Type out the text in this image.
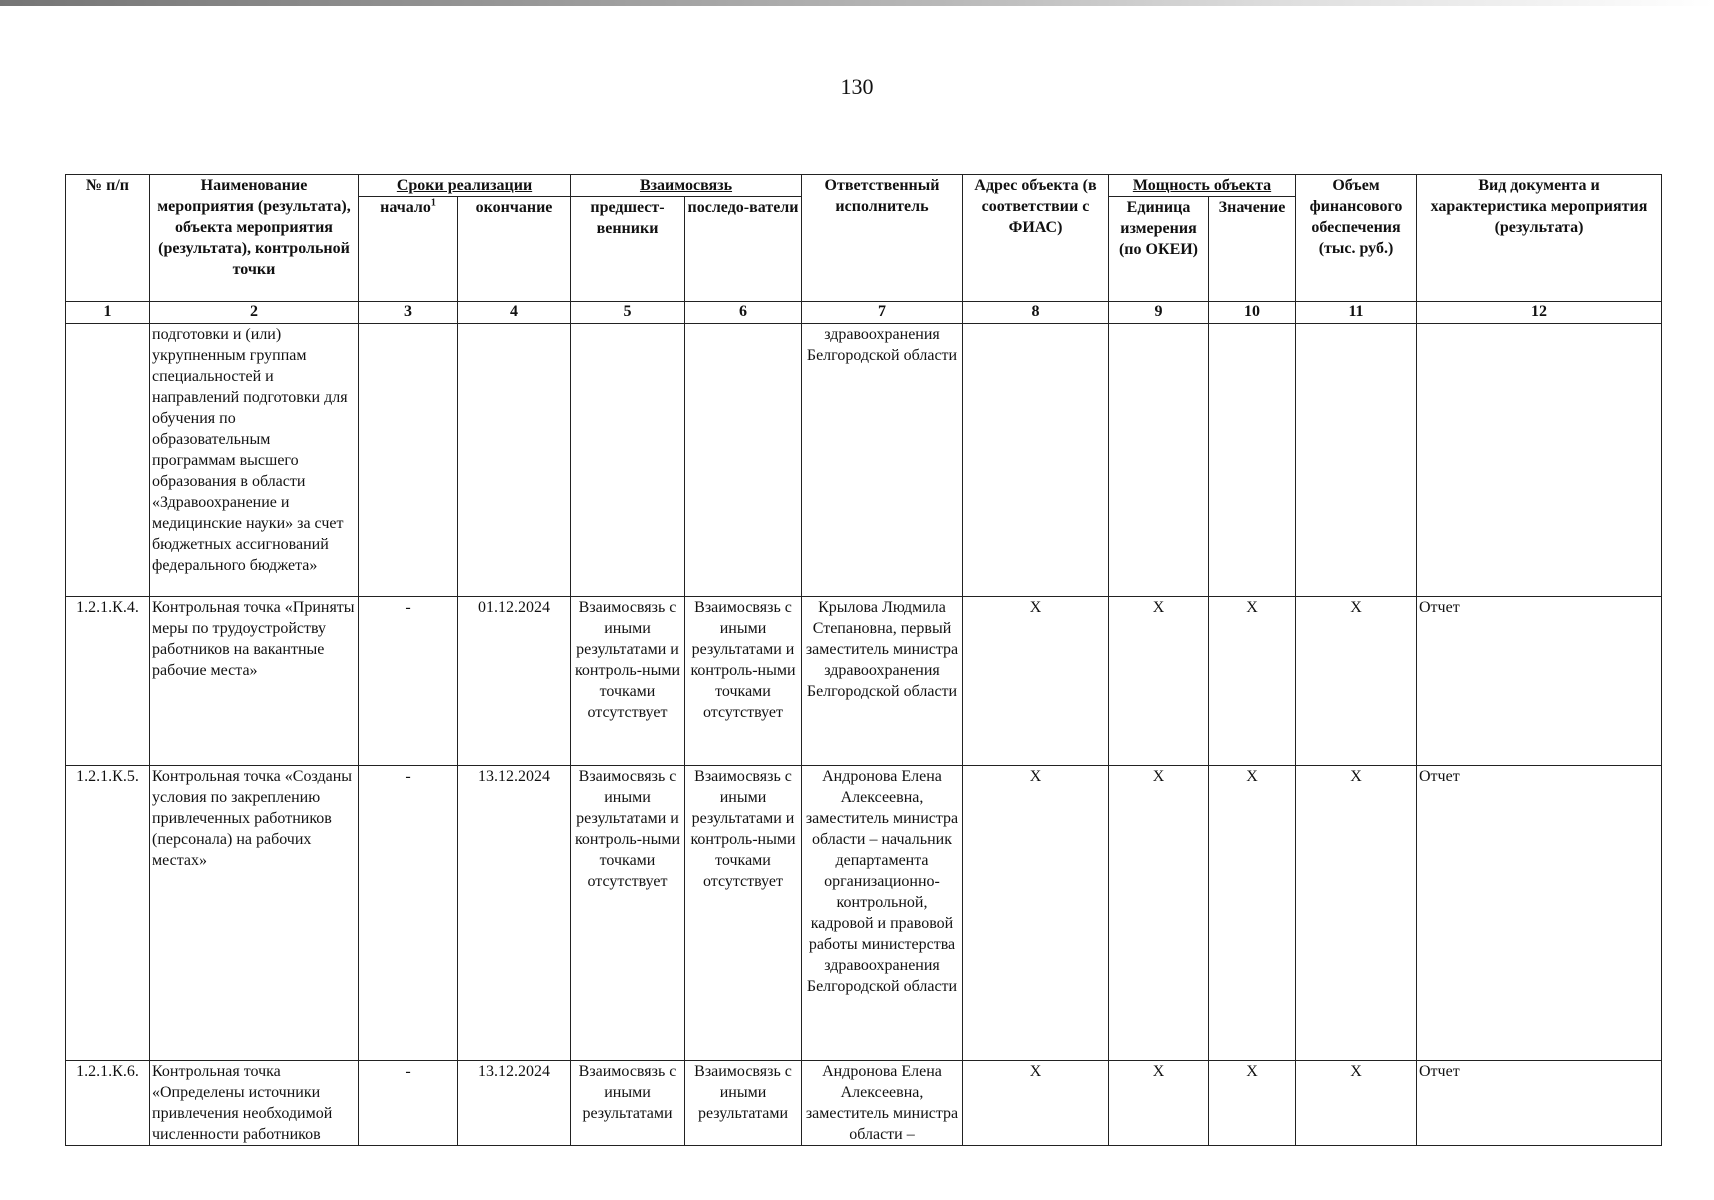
130
№ п/п	Наименование мероприятия (результата), объекта мероприятия (результата), контрольной точки	Сроки реализации		Взаимосвязь		Ответственный исполнитель	Адрес объекта (в соответствии с ФИАС)	Мощность объекта		Объем финансового обеспечения (тыс. руб.)	Вид документа и характеристика мероприятия (результата)
		начало$^1$	окончание	предшест-венники	последо-ватели			Единица измерения (по ОКЕИ)	Значение		
1	2	3	4	5	6	7	8	9	10	11	12
	подготовки и (или) укрупненным группам специальностей и направлений подготовки для обучения по образовательным программам высшего образования в области «Здравоохранение и медицинские науки» за счет бюджетных ассигнований федерального бюджета»					здравоохранения Белгородской области					
1.2.1.К.4.	Контрольная точка «Приняты меры по трудоустройству работников на вакантные рабочие места»	-	01.12.2024	Взаимосвязь с иными результатами и контроль-ными точками отсутствует	Взаимосвязь с иными результатами и контроль-ными точками отсутствует	Крылова Людмила Степановна, первый заместитель министра здравоохранения Белгородской области	Х	Х	Х	Х	Отчет
1.2.1.К.5.	Контрольная точка «Созданы условия по закреплению привлеченных работников (персонала) на рабочих местах»	-	13.12.2024	Взаимосвязь с иными результатами и контроль-ными точками отсутствует	Взаимосвязь с иными результатами и контроль-ными точками отсутствует	Андронова Елена Алексеевна, заместитель министра области – начальник департамента организационно-контрольной, кадровой и правовой работы министерства здравоохранения Белгородской области	Х	Х	Х	Х	Отчет
1.2.1.К.6.	Контрольная точка «Определены источники привлечения необходимой численности работников	-	13.12.2024	Взаимосвязь с иными результатами	Взаимосвязь с иными результатами	Андронова Елена Алексеевна, заместитель министра области –	Х	Х	Х	Х	Отчет
